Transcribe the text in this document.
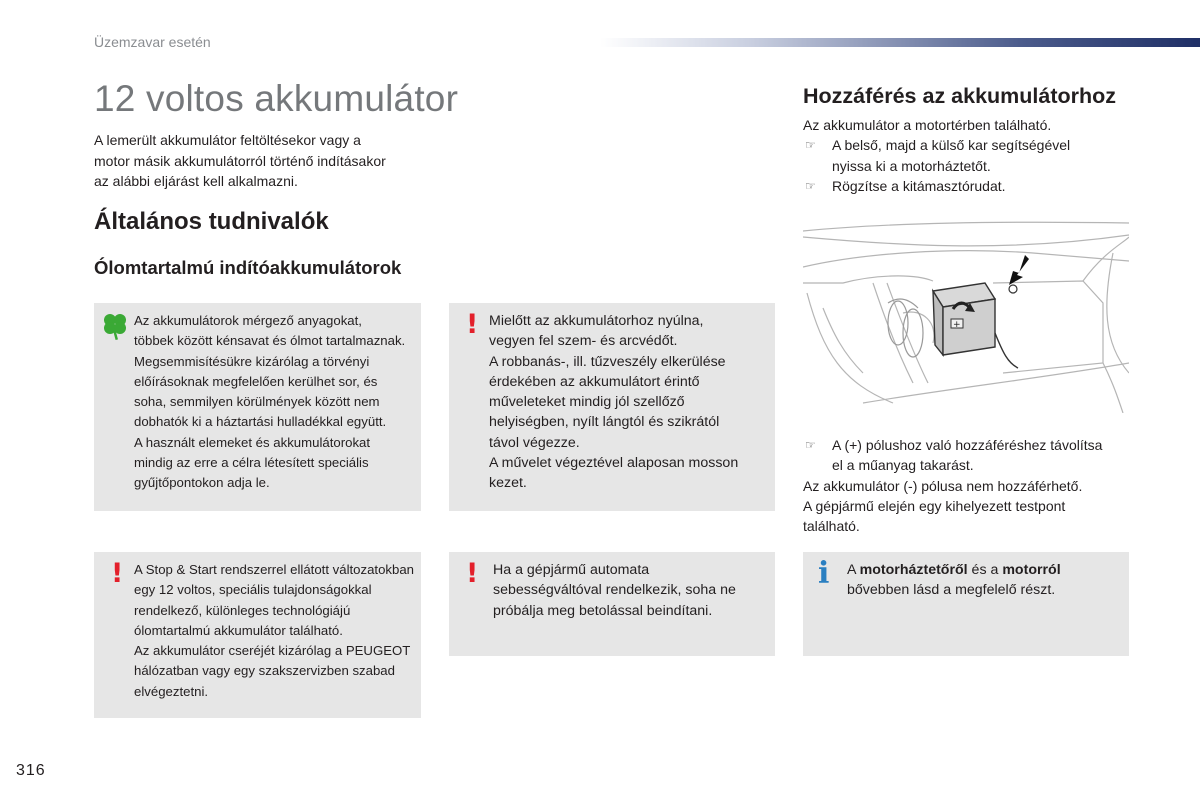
Üzemzavar esetén
12 voltos akkumulátor
A lemerült akkumulátor feltöltésekor vagy a
motor másik akkumulátorról történő indításakor
az alábbi eljárást kell alkalmazni.
Általános tudnivalók
Ólomtartalmú indítóakkumulátorok
Az akkumulátorok mérgező anyagokat,
többek között kénsavat és ólmot tartalmaznak.
Megsemmisítésükre kizárólag a törvényi
előírásoknak megfelelően kerülhet sor, és
soha, semmilyen körülmények között nem
dobhatók ki a háztartási hulladékkal együtt.
A használt elemeket és akkumulátorokat
mindig az erre a célra létesített speciális
gyűjtőpontokon adja le.
! A Stop & Start rendszerrel ellátott változatokban
egy 12 voltos, speciális tulajdonságokkal
rendelkező, különleges technológiájú
ólomtartalmú akkumulátor található.
Az akkumulátor cseréjét kizárólag a PEUGEOT
hálózatban vagy egy szakszervizben szabad
elvégeztetni.
! Mielőtt az akkumulátorhoz nyúlna,
vegyen fel szem- és arcvédőt.
A robbanás-, ill. tűzveszély elkerülése
érdekében az akkumulátort érintő
műveleteket mindig jól szellőző
helyiségben, nyílt lángtól és szikrától
távol végezze.
A művelet végeztével alaposan mosson
kezet.
! Ha a gépjármű automata
sebességváltóval rendelkezik, soha ne
próbálja meg betolással beindítani.
Hozzáférés az akkumulátorhoz
Az akkumulátor a motortérben található.
☞ A belső, majd a külső kar segítségével
nyissa ki a motorháztetőt.
☞ Rögzítse a kitámasztórudat.
+
☞ A (+) pólushoz való hozzáféréshez távolítsa
el a műanyag takarást.
Az akkumulátor (-) pólusa nem hozzáférhető.
A gépjármű elején egy kihelyezett testpont
található.
i A motorháztetőről és a motorról
bővebben lásd a megfelelő részt.
316
